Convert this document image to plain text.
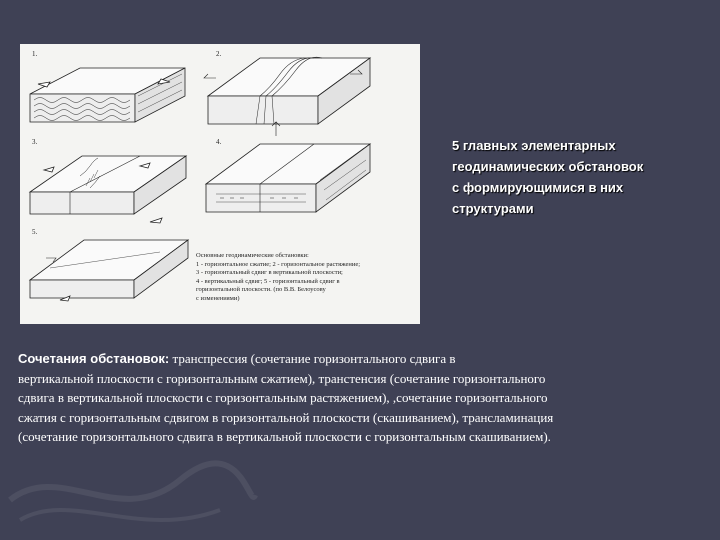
1.	2.
3.	4.
5.
Основные геодинамические обстановки:
1 - горизонтальное сжатие; 2 - горизонтальное растяжение;
3 - горизонтальный сдвиг в вертикальной плоскости;
4 - вертикальный сдвиг; 5 - горизонтальный сдвиг в
горизонтальной плоскости. (по В.В. Белоусову
с изменениями)
5 главных элементарных
геодинамических обстановок
с формирующимися в них
структурами
Сочетания обстановок: транспрессия (сочетание горизонтального сдвига в
вертикальной плоскости с горизонтальным сжатием), транстенсия (сочетание горизонтального
сдвига в вертикальной плоскости с горизонтальным растяжением), ,сочетание горизонтального
сжатия с горизонтальным сдвигом в горизонтальной плоскости (скашиванием), трансламинация
(сочетание горизонтального сдвига в вертикальной плоскости с горизонтальным скашиванием).
